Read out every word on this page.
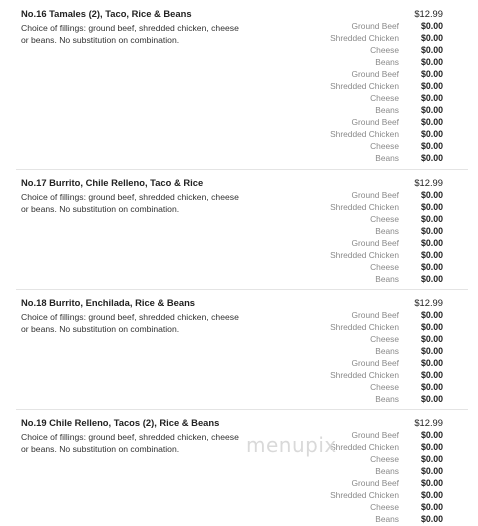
No.16 Tamales (2), Taco, Rice & Beans
Choice of fillings: ground beef, shredded chicken, cheese or beans. No substitution on combination.
$12.99
Ground Beef $0.00
Shredded Chicken $0.00
Cheese $0.00
Beans $0.00
Ground Beef $0.00
Shredded Chicken $0.00
Cheese $0.00
Beans $0.00
Ground Beef $0.00
Shredded Chicken $0.00
Cheese $0.00
Beans $0.00
No.17 Burrito, Chile Relleno, Taco & Rice
Choice of fillings: ground beef, shredded chicken, cheese or beans. No substitution on combination.
$12.99
Ground Beef $0.00
Shredded Chicken $0.00
Cheese $0.00
Beans $0.00
Ground Beef $0.00
Shredded Chicken $0.00
Cheese $0.00
Beans $0.00
No.18 Burrito, Enchilada, Rice & Beans
Choice of fillings: ground beef, shredded chicken, cheese or beans. No substitution on combination.
$12.99
Ground Beef $0.00
Shredded Chicken $0.00
Cheese $0.00
Beans $0.00
Ground Beef $0.00
Shredded Chicken $0.00
Cheese $0.00
Beans $0.00
No.19 Chile Relleno, Tacos (2), Rice & Beans
Choice of fillings: ground beef, shredded chicken, cheese or beans. No substitution on combination.
$12.99
Ground Beef $0.00
Shredded Chicken $0.00
Cheese $0.00
Beans $0.00
Ground Beef $0.00
Shredded Chicken $0.00
Cheese $0.00
Beans $0.00
menupix
